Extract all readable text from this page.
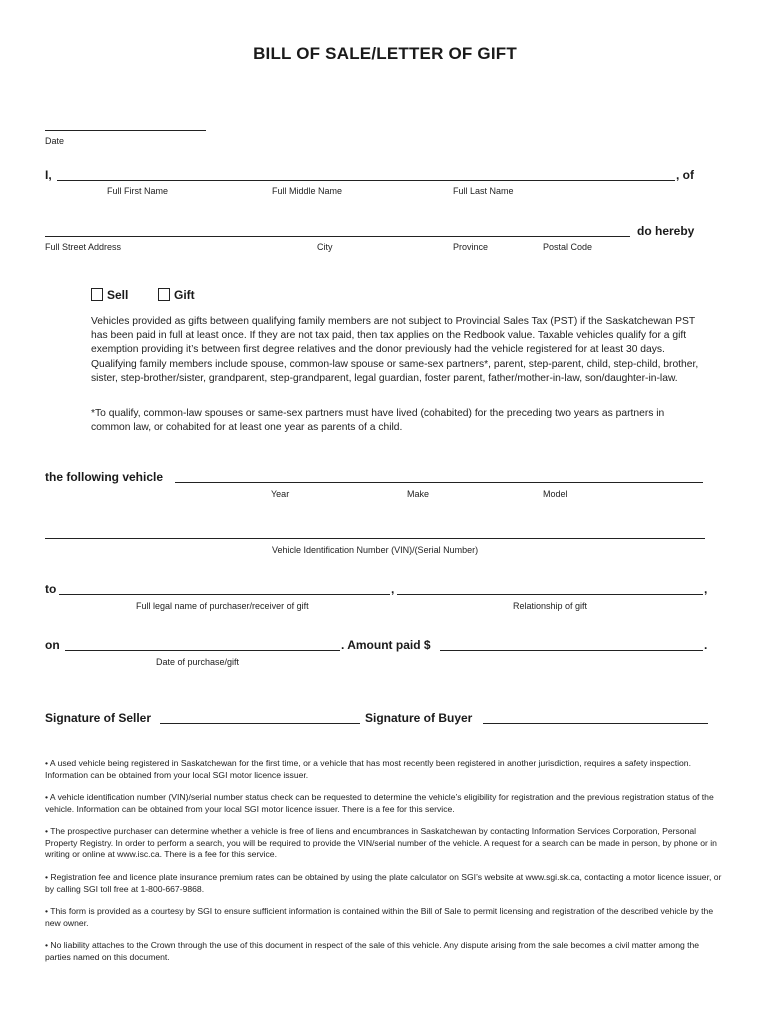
BILL OF SALE/LETTER OF GIFT
Date
I,	, of
Full First Name	Full Middle Name	Full Last Name
do hereby
Full Street Address	City	Province	Postal Code
Sell	Gift
Vehicles provided as gifts between qualifying family members are not subject to Provincial Sales Tax (PST) if the Saskatchewan PST has been paid in full at least once. If they are not tax paid, then tax applies on the Redbook value. Taxable vehicles qualify for a gift exemption providing it’s between first degree relatives and the donor previously had the vehicle registered for at least 30 days. Qualifying family members include spouse, common-law spouse or same-sex partners*, parent, step-parent, child, step-child, brother, sister, step-brother/sister, grandparent, step-grandparent, legal guardian, foster parent, father/mother-in-law, son/daughter-in-law.
*To qualify, common-law spouses or same-sex partners must have lived (cohabited) for the preceding two years as partners in common law, or cohabited for at least one year as parents of a child.
the following vehicle
Year	Make	Model
Vehicle Identification Number (VIN)/(Serial Number)
to	,	,
Full legal name of purchaser/receiver of gift	Relationship of gift
on	. Amount paid $	.
Date of purchase/gift
Signature of Seller	Signature of Buyer
• A used vehicle being registered in Saskatchewan for the first time, or a vehicle that has most recently been registered in another jurisdiction, requires a safety inspection. Information can be obtained from your local SGI motor licence issuer.
• A vehicle identification number (VIN)/serial number status check can be requested to determine the vehicle’s eligibility for registration and the previous registration status of the vehicle. Information can be obtained from your local SGI motor licence issuer. There is a fee for this service.
• The prospective purchaser can determine whether a vehicle is free of liens and encumbrances in Saskatchewan by contacting Information Services Corporation, Personal Property Registry. In order to perform a search, you will be required to provide the VIN/serial number of the vehicle. A request for a search can be made in person, by phone or in writing or online at www.isc.ca. There is a fee for this service.
• Registration fee and licence plate insurance premium rates can be obtained by using the plate calculator on SGI’s website at www.sgi.sk.ca, contacting a motor licence issuer, or by calling SGI toll free at 1-800-667-9868.
• This form is provided as a courtesy by SGI to ensure sufficient information is contained within the Bill of Sale to permit licensing and registration of the described vehicle by the new owner.
• No liability attaches to the Crown through the use of this document in respect of the sale of this vehicle. Any dispute arising from the sale becomes a civil matter among the parties named on this document.
